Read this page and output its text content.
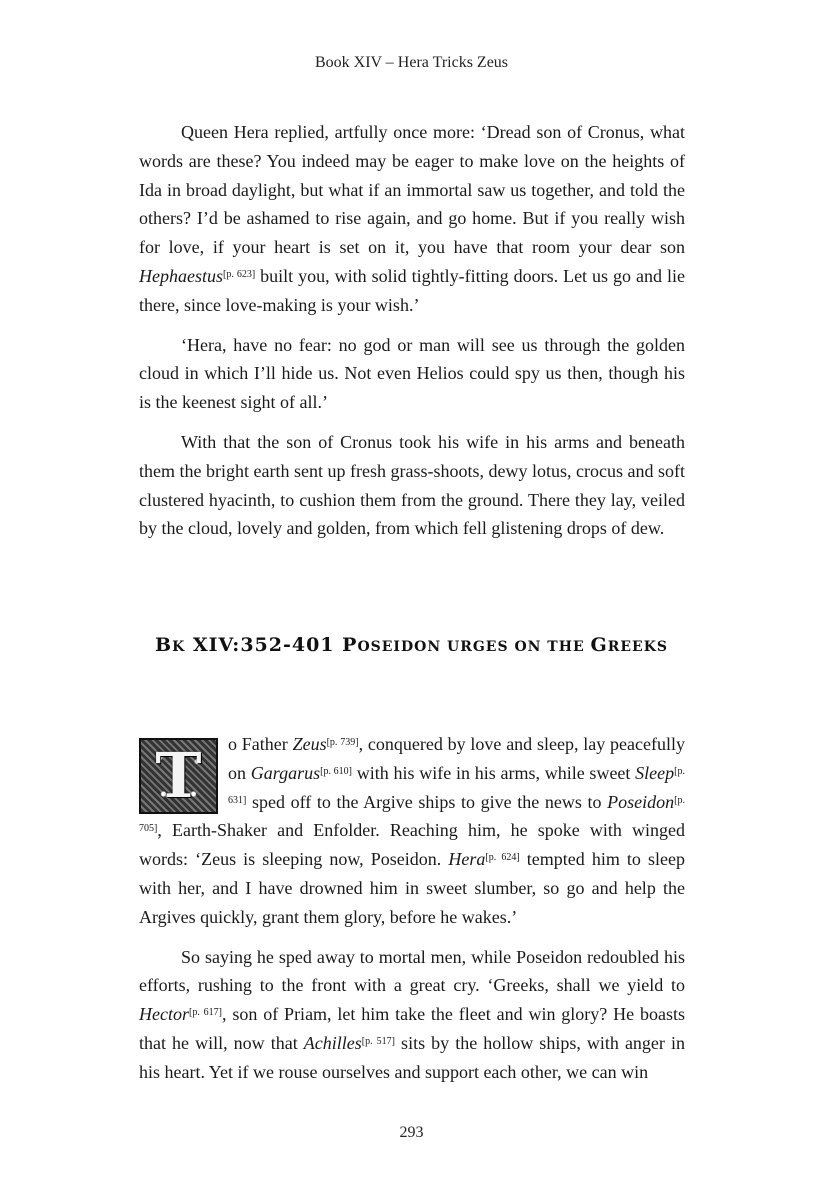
Book XIV – Hera Tricks Zeus

Queen Hera replied, artfully once more: ‘Dread son of Cronus, what words are these? You indeed may be eager to make love on the heights of Ida in broad daylight, but what if an immortal saw us together, and told the others? I’d be ashamed to rise again, and go home. But if you really wish for love, if your heart is set on it, you have that room your dear son Hephaestus[p. 623] built you, with solid tightly-fitting doors. Let us go and lie there, since love-making is your wish.’

‘Hera, have no fear: no god or man will see us through the golden cloud in which I’ll hide us. Not even Helios could spy us then, though his is the keenest sight of all.’

With that the son of Cronus took his wife in his arms and beneath them the bright earth sent up fresh grass-shoots, dewy lotus, crocus and soft clustered hyacinth, to cushion them from the ground. There they lay, veiled by the cloud, lovely and golden, from which fell glistening drops of dew.

BK XIV:352-401 POSEIDON URGES ON THE GREEKS

T	o Father Zeus[p. 739], conquered by love and sleep, lay peacefully on Gargarus[p. 610] with his wife in his arms, while sweet Sleep[p. 631] sped off to the Argive ships to give the news to Poseidon[p. 705], Earth-Shaker and Enfolder. Reaching him, he spoke with winged words: ‘Zeus is sleeping now, Poseidon. Hera[p. 624] tempted him to sleep with her, and I have drowned him in sweet slumber, so go and help the Argives quickly, grant them glory, before he wakes.’

So saying he sped away to mortal men, while Poseidon redoubled his efforts, rushing to the front with a great cry. ‘Greeks, shall we yield to Hector[p. 617], son of Priam, let him take the fleet and win glory? He boasts that he will, now that Achilles[p. 517] sits by the hollow ships, with anger in his heart. Yet if we rouse ourselves and support each other, we can win

293
